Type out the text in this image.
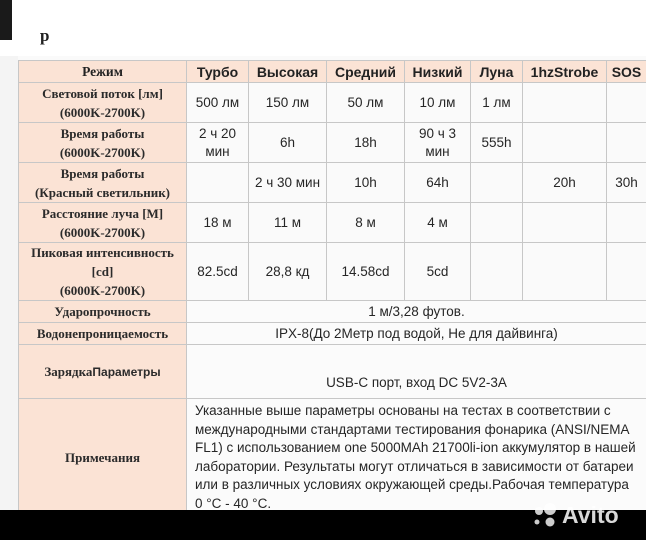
р
Режим	Турбо	Высокая	Средний	Низкий	Луна	1hzStrobe	SOS

Световой поток [лм]
(6000K-2700K)	500 лм	150 лм	50 лм	10 лм	1 лм		

Время работы
(6000K-2700K)	2 ч 20 мин	6h	18h	90 ч 3 мин	555h		

Время работы
(Красный светильник)		2 ч 30 мин	10h	64h		20h	30h

Расстояние луча [M]
(6000K-2700K)	18 м	11 м	8 м	4 м			

Пиковая интенсивность [cd]
(6000K-2700K)	82.5cd	28,8 кд	14.58cd	5cd			
Ударопрочность	1 м/3,28 футов.						
Водонепроницаемость	IPX-8(До 2Метр под водой, Не для дайвинга)						
ЗарядкаПараметры	USB-C порт, вход DC 5V2-3A						
Примечания	Указанные выше параметры основаны на тестах в соответствии с международными стандартами тестирования фонарика (ANSI/NEMA FL1) с использованием one 5000MAh 21700li-ion аккумулятор в нашей лаборатории. Результаты могут отличаться в зависимости от батареи или в различных условиях окружающей среды.Рабочая температура 0 °C - 40 °C.							Avito
